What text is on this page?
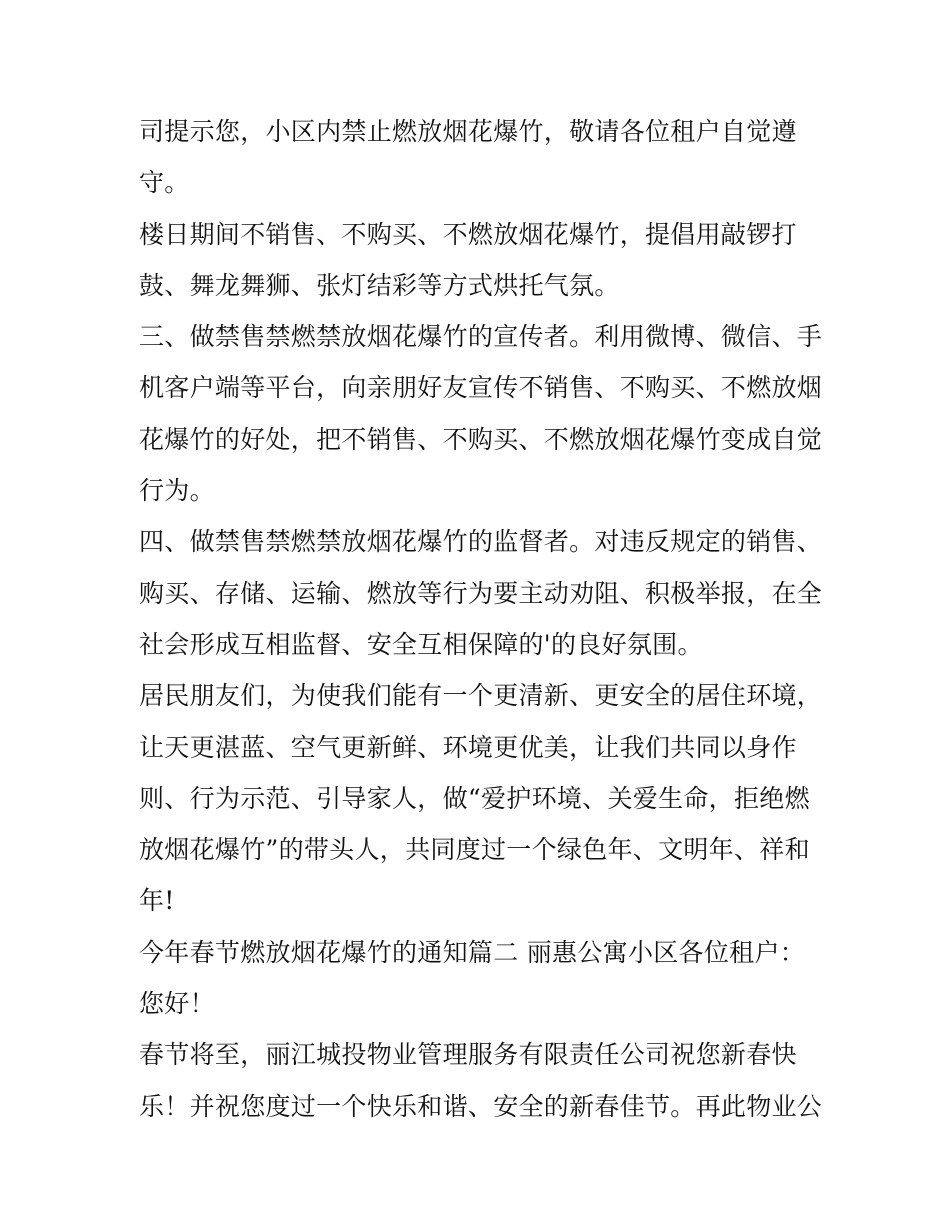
司提示您，小区内禁止燃放烟花爆竹，敬请各位租户自觉遵
守。
楼日期间不销售、不购买、不燃放烟花爆竹，提倡用敲锣打
鼓、舞龙舞狮、张灯结彩等方式烘托气氛。
三、做禁售禁燃禁放烟花爆竹的宣传者。利用微博、微信、手
机客户端等平台，向亲朋好友宣传不销售、不购买、不燃放烟
花爆竹的好处，把不销售、不购买、不燃放烟花爆竹变成自觉
行为。
四、做禁售禁燃禁放烟花爆竹的监督者。对违反规定的销售、
购买、存储、运输、燃放等行为要主动劝阻、积极举报，在全
社会形成互相监督、安全互相保障的'的良好氛围。
居民朋友们，为使我们能有一个更清新、更安全的居住环境，
让天更湛蓝、空气更新鲜、环境更优美，让我们共同以身作
则、行为示范、引导家人，做“爱护环境、关爱生命，拒绝燃
放烟花爆竹”的带头人，共同度过一个绿色年、文明年、祥和
年!
今年春节燃放烟花爆竹的通知篇二 丽惠公寓小区各位租户：
您好！
春节将至，丽江城投物业管理服务有限责任公司祝您新春快
乐！并祝您度过一个快乐和谐、安全的新春佳节。再此物业公
